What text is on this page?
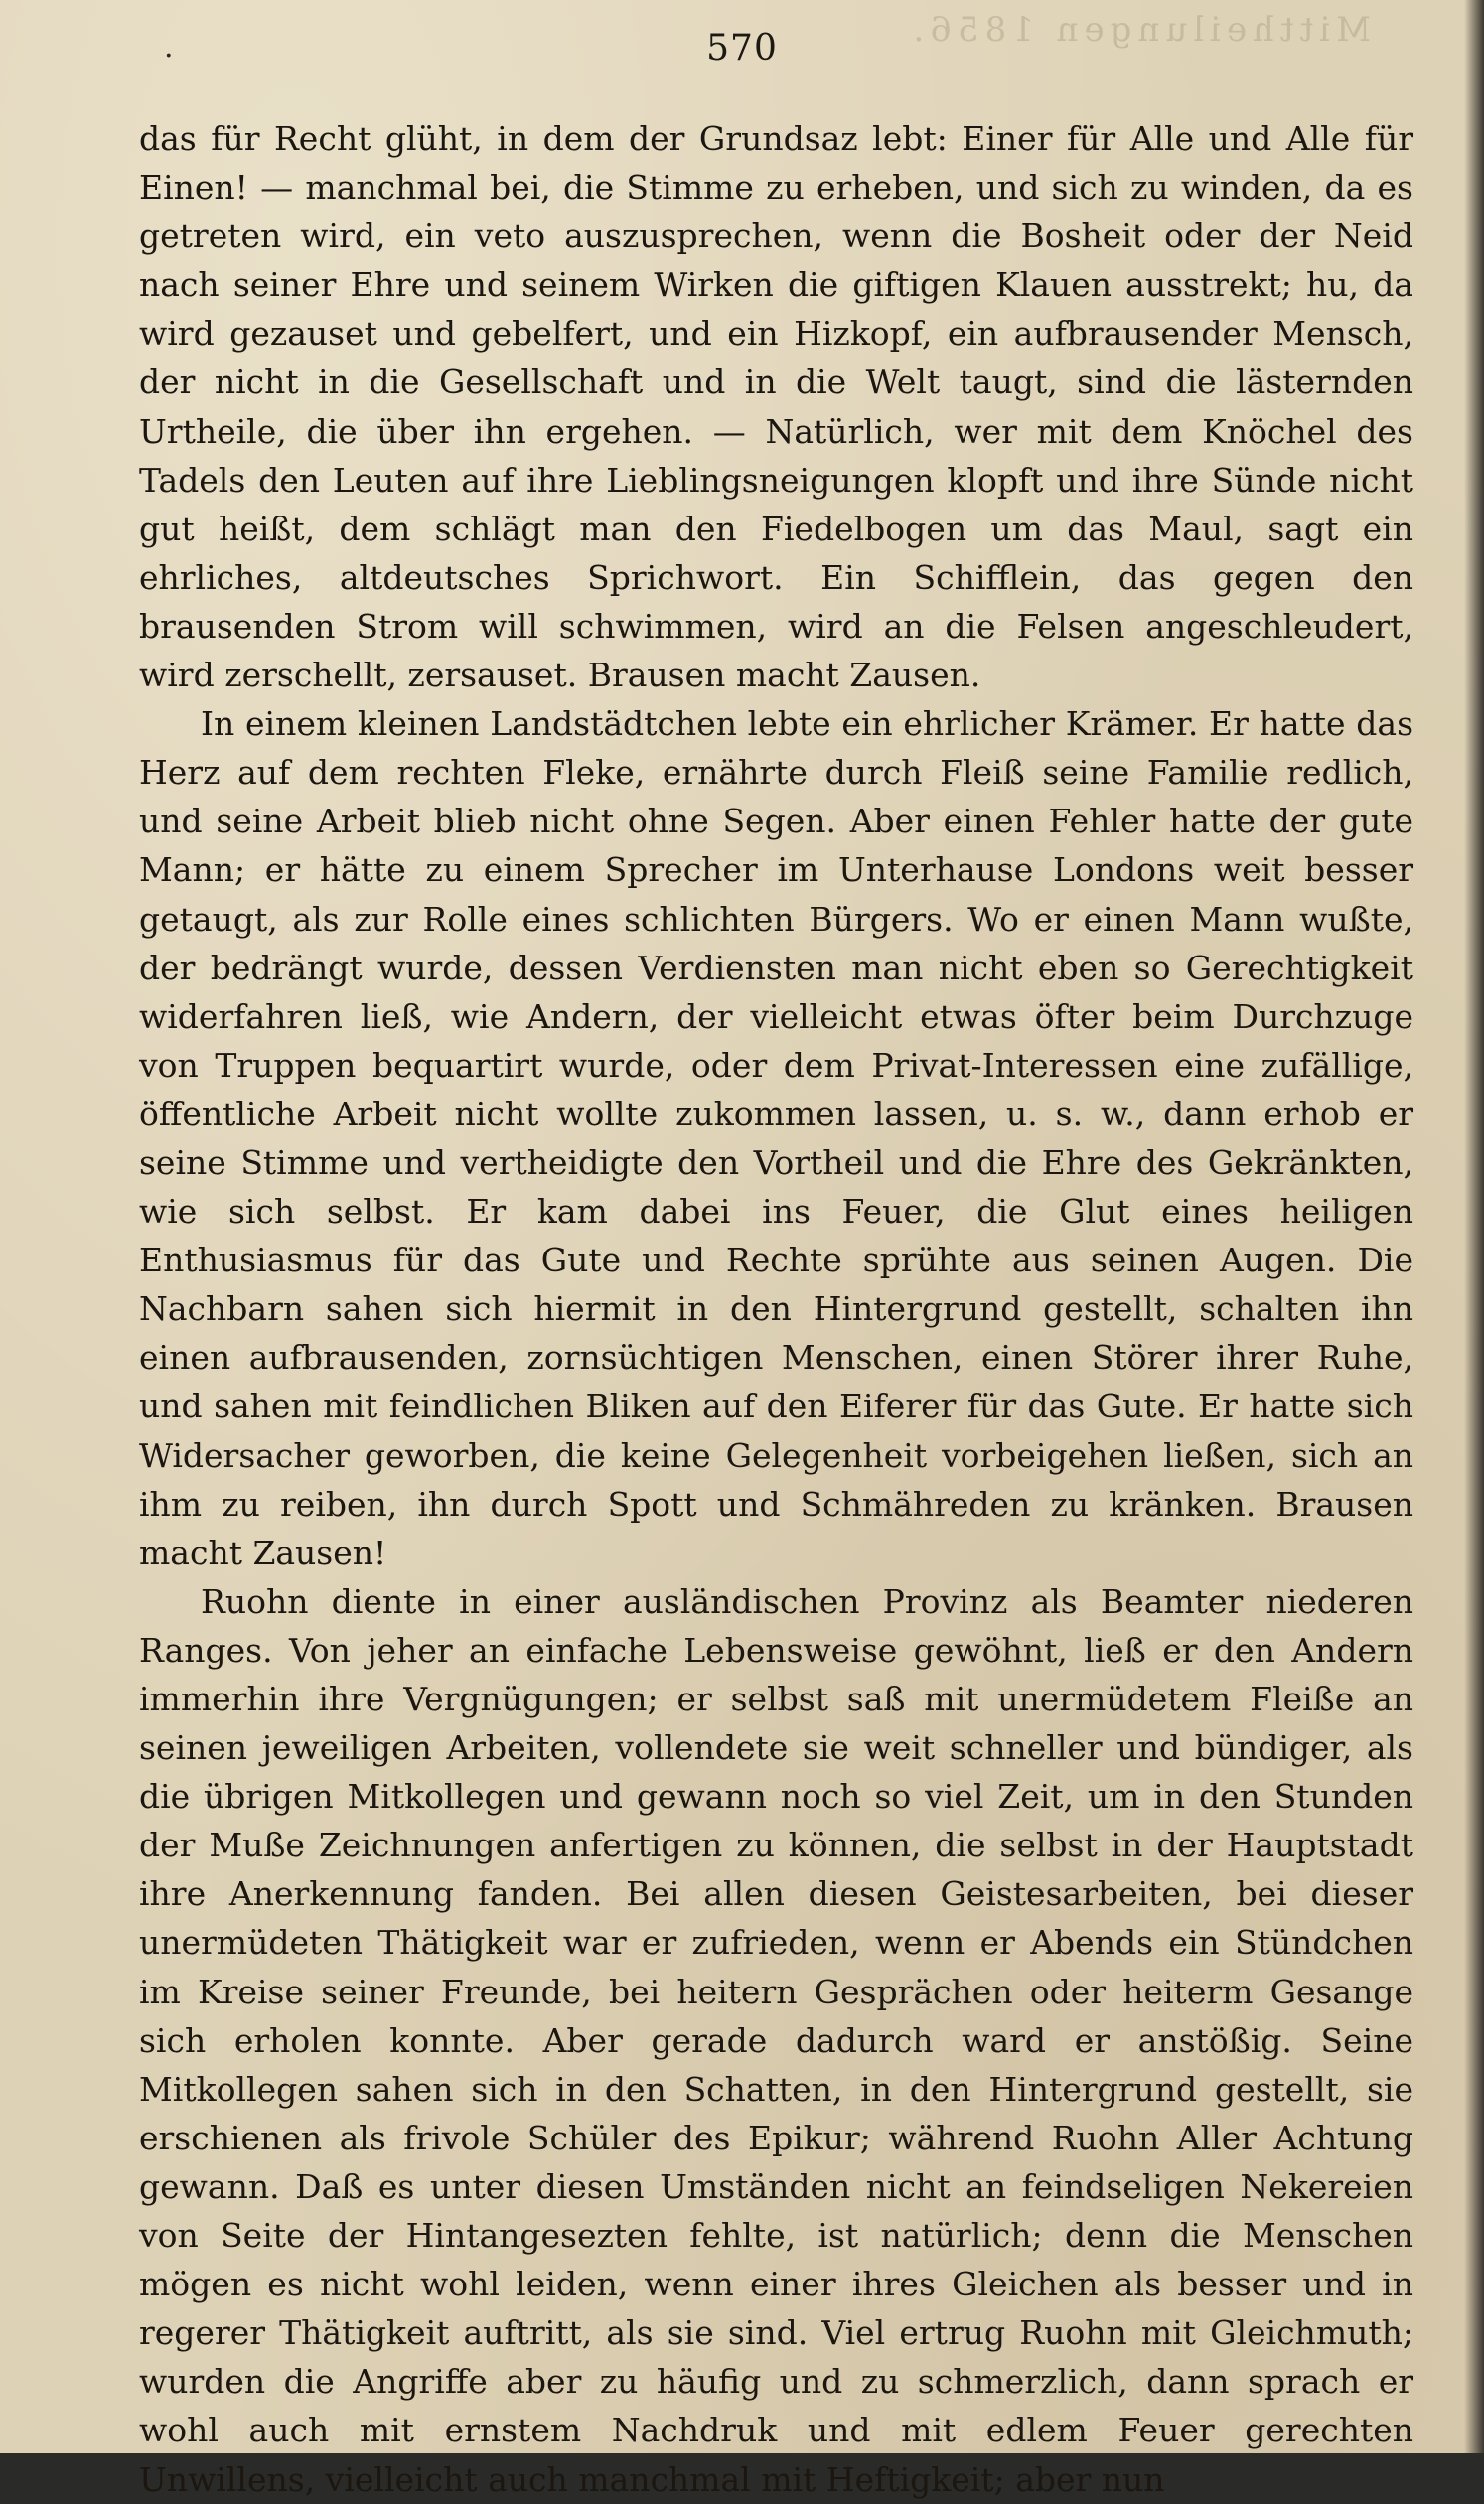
Mittheilungen 1856.
.	570

das für Recht glüht, in dem der Grundsaz lebt: Einer für Alle und Alle für Einen! — manchmal bei, die Stimme zu erheben, und sich zu winden, da es getreten wird, ein veto auszusprechen, wenn die Bosheit oder der Neid nach seiner Ehre und seinem Wirken die giftigen Klauen ausstrekt; hu, da wird gezauset und gebelfert, und ein Hizkopf, ein aufbrausender Mensch, der nicht in die Gesellschaft und in die Welt taugt, sind die lästernden Urtheile, die über ihn ergehen. — Natürlich, wer mit dem Knöchel des Tadels den Leuten auf ihre Lieblingsneigungen klopft und ihre Sünde nicht gut heißt, dem schlägt man den Fiedelbogen um das Maul, sagt ein ehrliches, altdeutsches Sprichwort. Ein Schifflein, das gegen den brausenden Strom will schwimmen, wird an die Felsen angeschleudert, wird zerschellt, zersauset. Brausen macht Zausen.

In einem kleinen Landstädtchen lebte ein ehrlicher Krämer. Er hatte das Herz auf dem rechten Fleke, ernährte durch Fleiß seine Familie redlich, und seine Arbeit blieb nicht ohne Segen. Aber einen Fehler hatte der gute Mann; er hätte zu einem Sprecher im Unterhause Londons weit besser getaugt, als zur Rolle eines schlichten Bürgers. Wo er einen Mann wußte, der bedrängt wurde, dessen Verdiensten man nicht eben so Gerechtigkeit widerfahren ließ, wie Andern, der vielleicht etwas öfter beim Durchzuge von Truppen bequartirt wurde, oder dem Privat-Interessen eine zufällige, öffentliche Arbeit nicht wollte zukommen lassen, u. s. w., dann erhob er seine Stimme und vertheidigte den Vortheil und die Ehre des Gekränkten, wie sich selbst. Er kam dabei ins Feuer, die Glut eines heiligen Enthusiasmus für das Gute und Rechte sprühte aus seinen Augen. Die Nachbarn sahen sich hiermit in den Hintergrund gestellt, schalten ihn einen aufbrausenden, zornsüchtigen Menschen, einen Störer ihrer Ruhe, und sahen mit feindlichen Bliken auf den Eiferer für das Gute. Er hatte sich Widersacher geworben, die keine Gelegenheit vorbeigehen ließen, sich an ihm zu reiben, ihn durch Spott und Schmähreden zu kränken. Brausen macht Zausen!

Ruohn diente in einer ausländischen Provinz als Beamter niederen Ranges. Von jeher an einfache Lebensweise gewöhnt, ließ er den Andern immerhin ihre Vergnügungen; er selbst saß mit unermüdetem Fleiße an seinen jeweiligen Arbeiten, vollendete sie weit schneller und bündiger, als die übrigen Mitkollegen und gewann noch so viel Zeit, um in den Stunden der Muße Zeichnungen anfertigen zu können, die selbst in der Hauptstadt ihre Anerkennung fanden. Bei allen diesen Geistesarbeiten, bei dieser unermüdeten Thätigkeit war er zufrieden, wenn er Abends ein Stündchen im Kreise seiner Freunde, bei heitern Gesprächen oder heiterm Gesange sich erholen konnte. Aber gerade dadurch ward er anstößig. Seine Mitkollegen sahen sich in den Schatten, in den Hintergrund gestellt, sie erschienen als frivole Schüler des Epikur; während Ruohn Aller Achtung gewann. Daß es unter diesen Umständen nicht an feindseligen Nekereien von Seite der Hintangesezten fehlte, ist natürlich; denn die Menschen mögen es nicht wohl leiden, wenn einer ihres Gleichen als besser und in regerer Thätigkeit auftritt, als sie sind. Viel ertrug Ruohn mit Gleichmuth; wurden die Angriffe aber zu häufig und zu schmerzlich, dann sprach er wohl auch mit ernstem Nachdruk und mit edlem Feuer gerechten Unwillens, vielleicht auch manchmal mit Heftigkeit; aber nun
